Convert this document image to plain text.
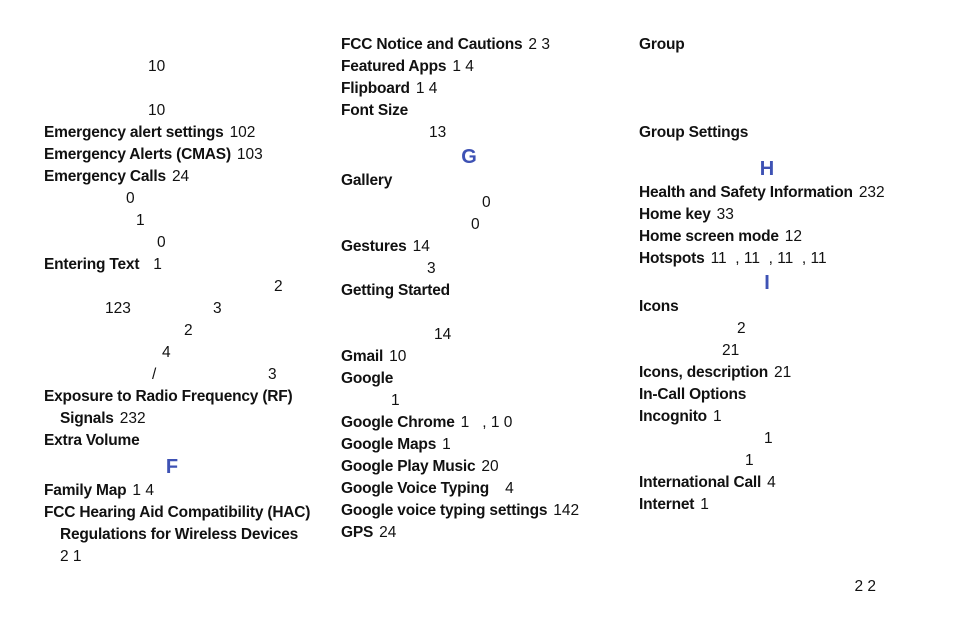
10
10
Emergency alert settings 102
Emergency Alerts (CMAS) 103
Emergency Calls 24
0
1
0
Entering Text 1
2
123	3
2
4
/	3
Exposure to Radio Frequency (RF)
Signals 232
Extra Volume
F
Family Map 1 4
FCC Hearing Aid Compatibility (HAC)
Regulations for Wireless Devices
2 1
FCC Notice and Cautions 2 3
Featured Apps 1 4
Flipboard 1 4
Font Size
13
G
Gallery
0
0
Gestures 14
3
Getting Started
14
Gmail 10
Google
1
Google Chrome 1   , 1 0
Google Maps 1
Google Play Music 20
Google Voice Typing 4
Google voice typing settings 142
GPS 24
Group
Group Settings
H
Health and Safety Information 232
Home key 33
Home screen mode 12
Hotspots 11  , 11  , 11  , 11
I
Icons
2
21
Icons, description 21
In-Call Options
Incognito 1
1
1
International Call 4
Internet 1
2 2
